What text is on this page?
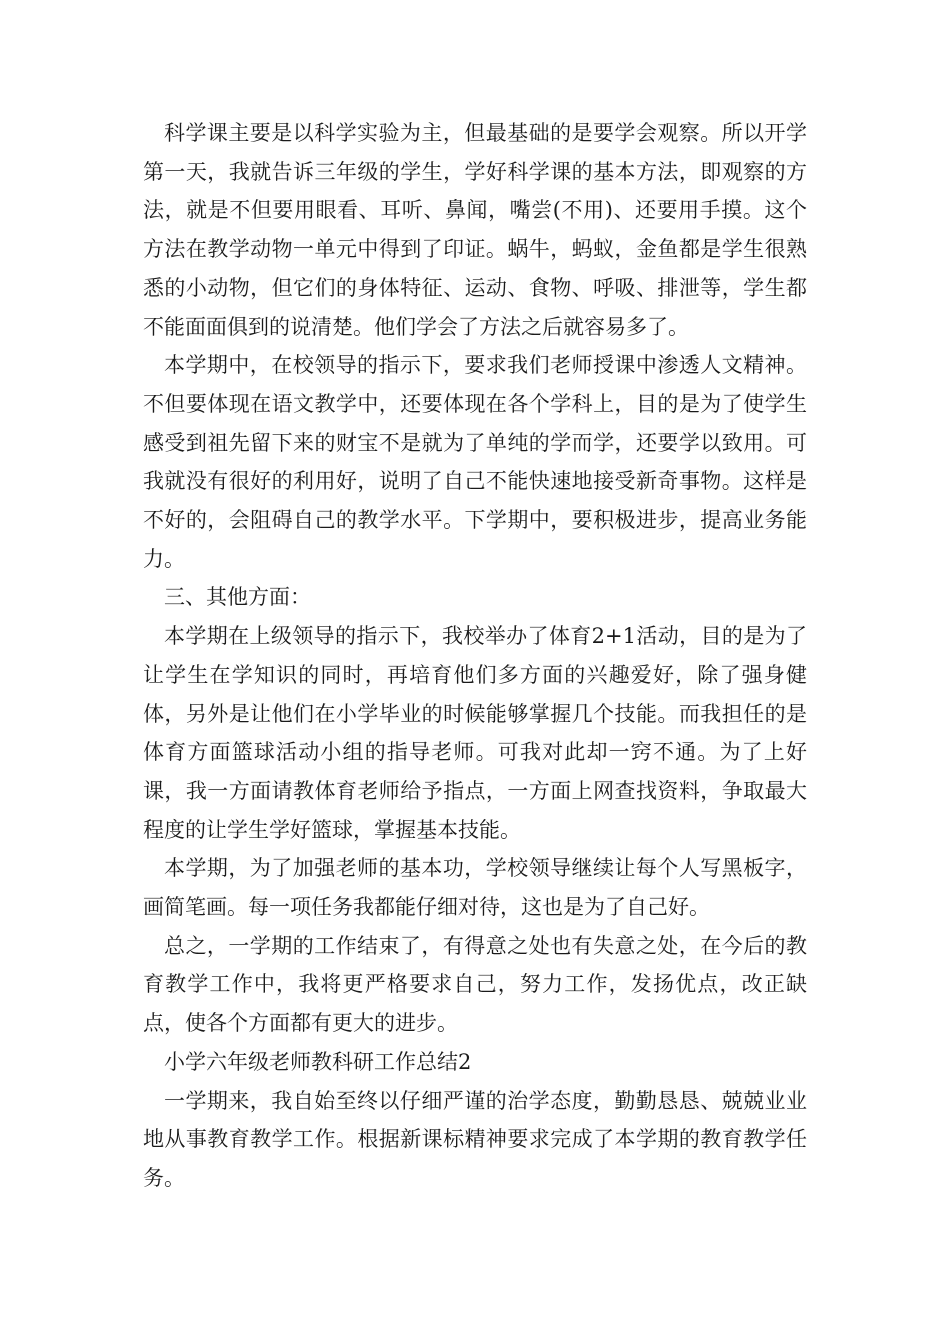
科学课主要是以科学实验为主，但最基础的是要学会观察。所以开学第一天，我就告诉三年级的学生，学好科学课的基本方法，即观察的方法，就是不但要用眼看、耳听、鼻闻，嘴尝(不用)、还要用手摸。这个方法在教学动物一单元中得到了印证。蜗牛，蚂蚁，金鱼都是学生很熟悉的小动物，但它们的身体特征、运动、食物、呼吸、排泄等，学生都不能面面俱到的说清楚。他们学会了方法之后就容易多了。

本学期中，在校领导的指示下，要求我们老师授课中渗透人文精神。不但要体现在语文教学中，还要体现在各个学科上，目的是为了使学生感受到祖先留下来的财宝不是就为了单纯的学而学，还要学以致用。可我就没有很好的利用好，说明了自己不能快速地接受新奇事物。这样是不好的，会阻碍自己的教学水平。下学期中，要积极进步，提高业务能力。

三、其他方面：

本学期在上级领导的指示下，我校举办了体育2+1活动，目的是为了让学生在学知识的同时，再培育他们多方面的兴趣爱好，除了强身健体，另外是让他们在小学毕业的时候能够掌握几个技能。而我担任的是体育方面篮球活动小组的指导老师。可我对此却一窍不通。为了上好课，我一方面请教体育老师给予指点，一方面上网查找资料，争取最大程度的让学生学好篮球，掌握基本技能。

本学期，为了加强老师的基本功，学校领导继续让每个人写黑板字，画简笔画。每一项任务我都能仔细对待，这也是为了自己好。

总之，一学期的工作结束了，有得意之处也有失意之处，在今后的教育教学工作中，我将更严格要求自己，努力工作，发扬优点，改正缺点，使各个方面都有更大的进步。

小学六年级老师教科研工作总结2

一学期来，我自始至终以仔细严谨的治学态度，勤勤恳恳、兢兢业业地从事教育教学工作。根据新课标精神要求完成了本学期的教育教学任务。
